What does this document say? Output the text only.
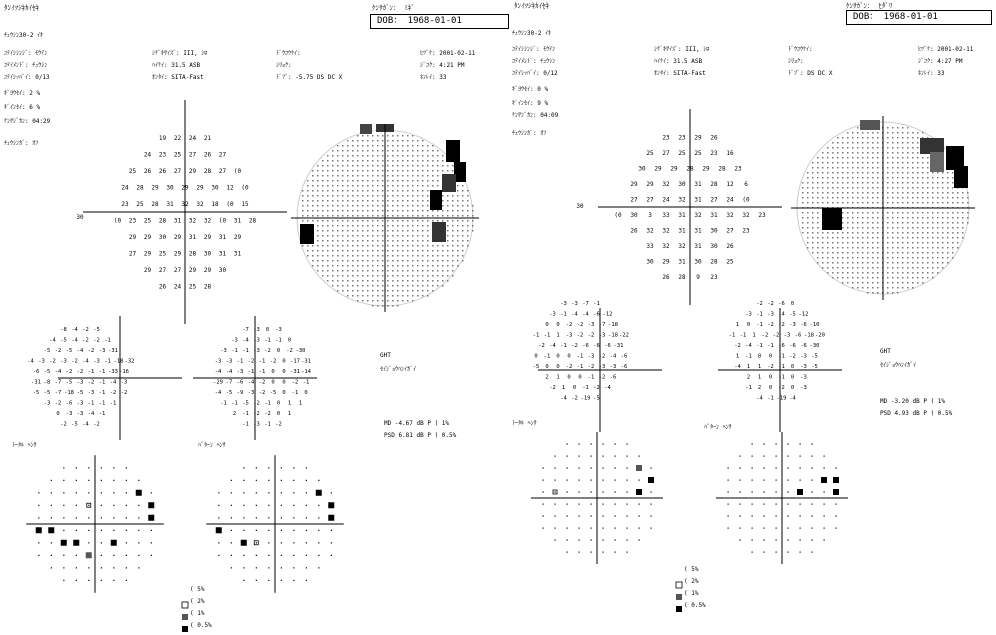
ﾀﾝｲﾂｼｷｶｲｾｷ	ｹﾝｻｶﾞﾝ： ﾐｷﾞ
DOB： 1968-01-01
ﾁｭｳｼﾝ30-2 ｲｷ
ｺﾃｲｼｼﾝｼﾞ: ﾓｳﾃﾝ
ｺﾃｲﾒﾝﾄﾞ: ﾁｭｳｼﾝ
ｺﾃｲｼｯﾊﾟｲ: 0/13
ｷﾞﾖｳｾｲ: 2 %
ｷﾞｲﾝｾｲ: 6 %
ｹﾝｻｼﾞｶﾝ: 04:29
ﾁｭｳｼﾝｶﾞ: ｵﾌ
ｼｹﾞｷｻｲｽﾞ: III, ｼﾛ
ﾊｲｹｲ: 31.5 ASB
ｵﾝﾀｲ: SITA-Fast
ﾄﾞｳｺｳｹｲ:
ｼﾘｮｸ:
ﾄﾞﾌﾞ: -5.75 DS DC X
ﾋﾂﾞｹ: 2001-02-11
ｼﾞｺｸ: 4:21 PM
ﾈﾝﾚｲ: 33
GHT
ｾｲｼﾞｮｳﾊﾝｲｶﾞｲ
MD -4.67 dB P ( 1%
PSD 6.81 dB P ( 0.5%
ﾄｰﾀﾙ ﾍﾝｻ	ﾊﾟﾀｰﾝ ﾍﾝｻ
( 5%
( 2%
( 1%
( 0.5%
ﾀﾝｲﾂｼｷｶｲｾｷ	ｹﾝｻｶﾞﾝ： ﾋﾀﾞﾘ
DOB： 1968-01-01
ﾁｭｳｼﾝ30-2 ｲｷ
ｺﾃｲｼｼﾝｼﾞ: ﾓｳﾃﾝ
ｺﾃｲﾒﾝﾄﾞ: ﾁｭｳｼﾝ
ｺﾃｲｼｯﾊﾟｲ: 0/12
ｷﾞﾖｳｾｲ: 0 %
ｷﾞｲﾝｾｲ: 9 %
ｹﾝｻｼﾞｶﾝ: 04:09
ﾁｭｳｼﾝｶﾞ: ｵﾌ
ｼｹﾞｷｻｲｽﾞ: III, ｼﾛ
ﾊｲｹｲ: 31.5 ASB
ｵﾝﾀｲ: SITA-Fast
ﾄﾞｳｺｳｹｲ:
ｼﾘｮｸ:
ﾄﾞﾌﾞ: DS DC X
ﾋﾂﾞｹ: 2001-02-11
ｼﾞｺｸ: 4:27 PM
ﾈﾝﾚｲ: 33
GHT
ｾｲｼﾞｮｳﾊﾝｲｶﾞｲ
MD -3.20 dB P ( 1%
PSD 4.93 dB P ( 0.5%
ﾄｰﾀﾙ ﾍﾝｻ
ﾊﾟﾀｰﾝ ﾍﾝｻ
( 5%
( 2%
( 1%
( 0.5%
30
19 22 24 21
24 23 25 27 26 27
25 26 26 27 29 28 27 (0
24 28 29 30 29 29 30 12 (0
23 25 28 31 32 32 18 (0 15
(0 23 25 28 31 32 32 (0 31 28
29 29 30 29 31 29 31 29
27 29 25 29 28 30 31 31
29 27 27 29 29 30
26 24 25 28
-8 -4 -2 -5
-4 -5 -4 -2 -2 -1
-5 -2 -5 -4 -2 -3 -31
-4 -3 -2 -3 -2 -4 -3 -1 -18 -32
-6 -5 -4 -2 -2 -1 -1 -33 -16
-31 -8 -7 -5 -3 -2 -1 -4 -3
-5 -5 -7 -18 -5 -3 -1 -2 -2
-3 -2 -6 -3 -1 -1 -1
0 -3 -3 -4 -1
-2 -5 -4 -2
-7 -3 0 -3
-3 -4 -3 -1 -1 0
-3 -1 -1 -3 -2 0 -2 -30
-3 -3 -1 -2 -1 -2 0 -17 -31
-4 -4 -3 -1 -1 0 0 -31 -14
-29 -7 -6 -4 -2 0 0 -2 -1
-4 -5 -9 -3 -2 -5 0 -1 0
-1 -1 -5 -2 -1 0 1 1
2 -1 -2 -2 0 1
-1 -3 -1 -2
30
23 23 29 26
25 27 25 25 23 16
30 29 29 28 29 28 23
29 29 32 30 31 28 12 6
27 27 24 32 31 27 24 (0
(0 30 3 33 31 32 31 32 32 23
26 32 32 31 31 30 27 23
33 32 32 31 30 26
30 29 31 30 28 25
26 28 9 23
-3 -3 -7 -1
-3 -1 -4 -4 -6 -12
0 0 -2 -2 -3 -7 -18
-1 -1 1 -3 -2 -2 -3 -18 -22
-2 -4 -1 -2 -6 -6 -6 -31
0 -1 0 0 -1 -3 -2 -4 -6
-5 0 0 -2 -1 -2 -3 -3 -6
2 1 0 0 -1 -2 -6
-2 1 0 -1 -2 -4
-4 -2 -19 -5
-2 -2 -6 0
-3 -1 -3 -4 -5 -12
1 0 -1 -2 -2 -3 -6 -10
-1 -1 1 -2 -2 -3 -6 -18 -20
-2 -4 -1 -1 -6 -6 -6 -30
1 -1 0 0 -1 -2 -3 -5
-4 1 1 -2 -1 0 -3 -5
2 1 0 -1 0 -3
-1 2 0 -2 0 -3
-4 -1 -19 -4
